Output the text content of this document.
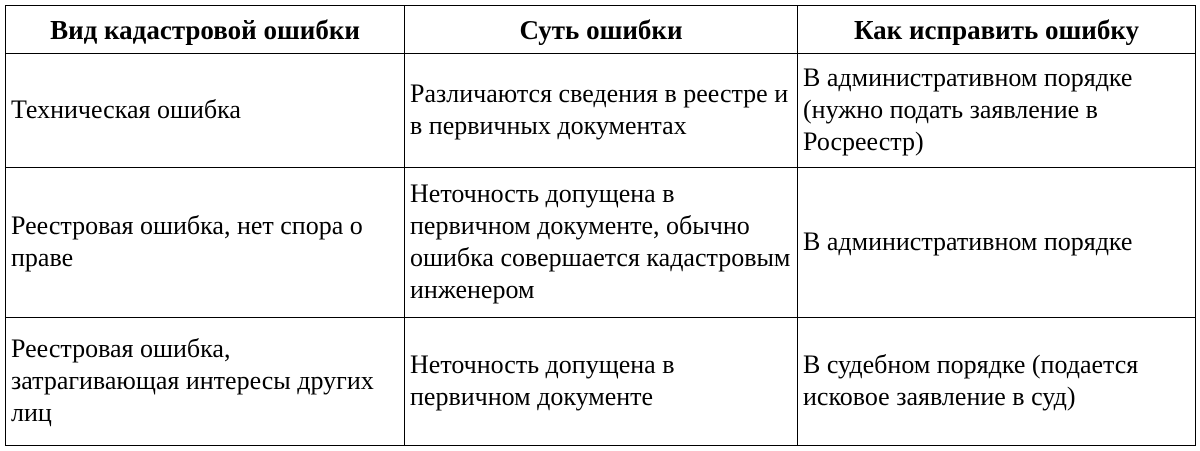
Вид кадастровой ошибки	Суть ошибки	Как исправить ошибку
Техническая ошибка	Различаются сведения в реестре и в первичных документах	В административном порядке (нужно подать заявление в Росреестр)
Реестровая ошибка, нет спора о праве	Неточность допущена в первичном документе, обычно ошибка совершается кадастровым инженером	В административном порядке
Реестровая ошибка, затрагивающая интересы других лиц	Неточность допущена в первичном документе	В судебном порядке (подается исковое заявление в суд)
